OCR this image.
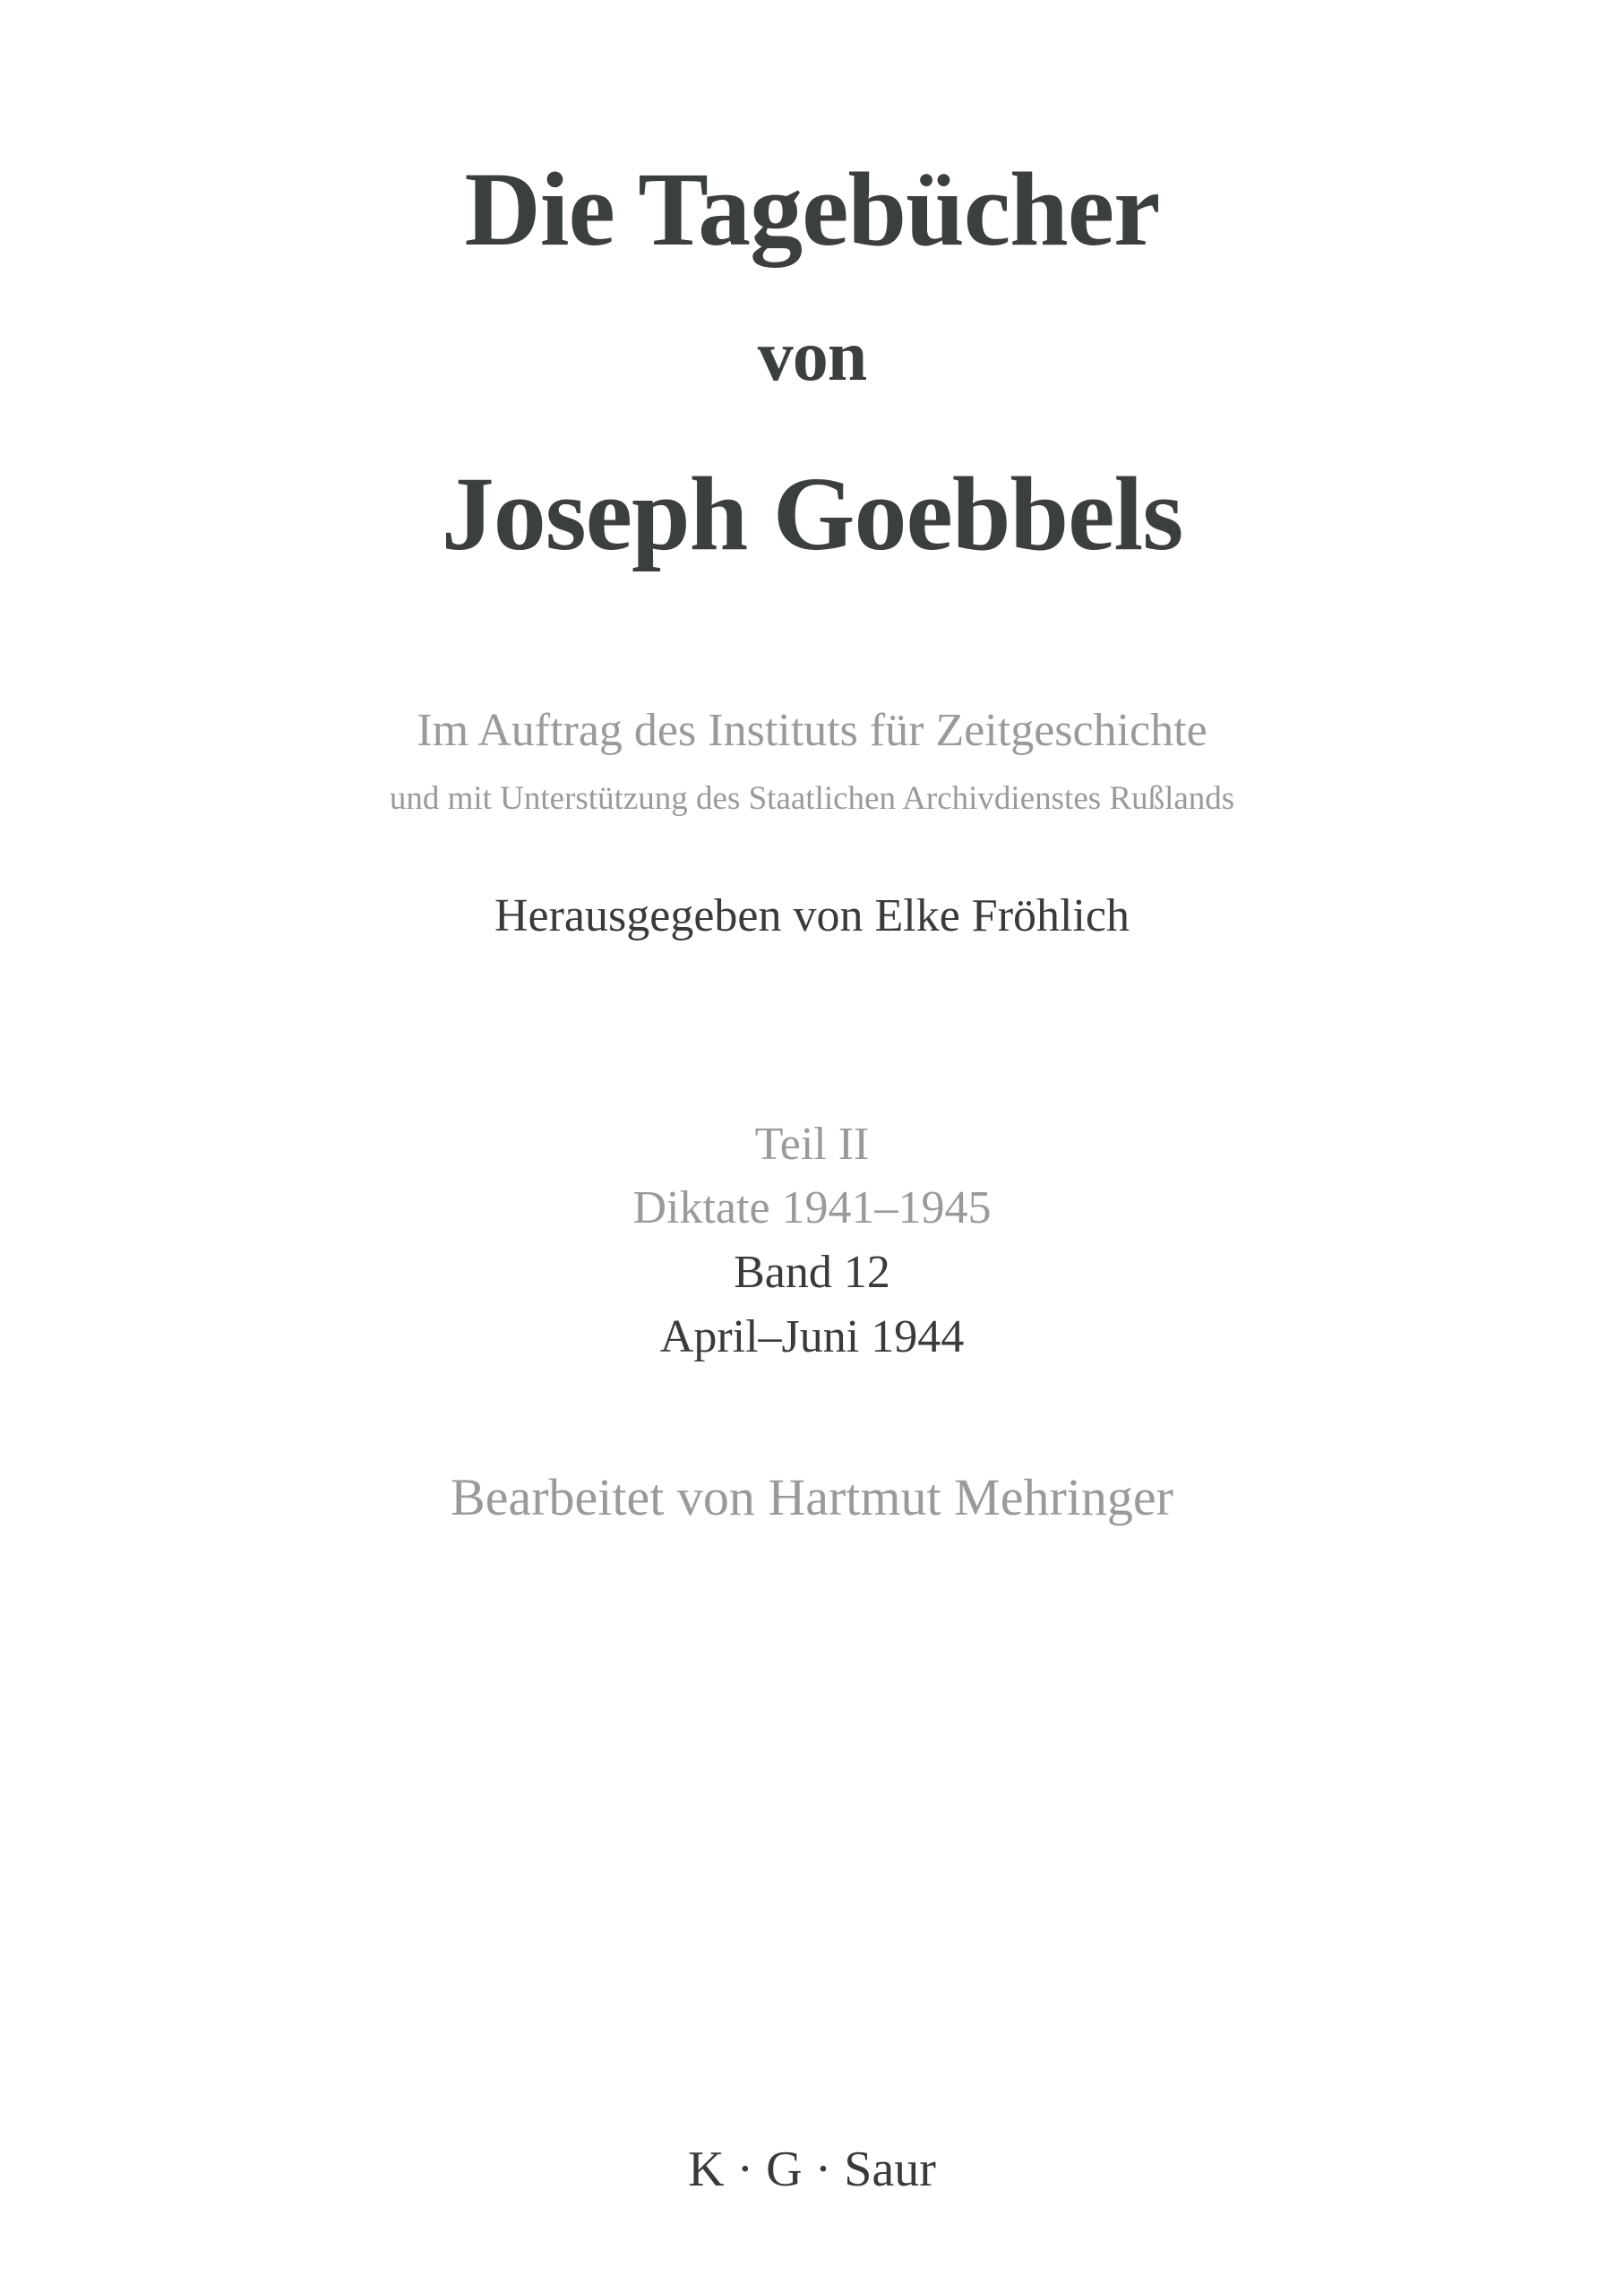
Die Tagebücher

von

Joseph Goebbels

Im Auftrag des Instituts für Zeitgeschichte

und mit Unterstützung des Staatlichen Archivdienstes Rußlands

Herausgegeben von Elke Fröhlich

Teil II

Diktate 1941–1945

Band 12

April–Juni 1944

Bearbeitet von Hartmut Mehringer

K · G · Saur
